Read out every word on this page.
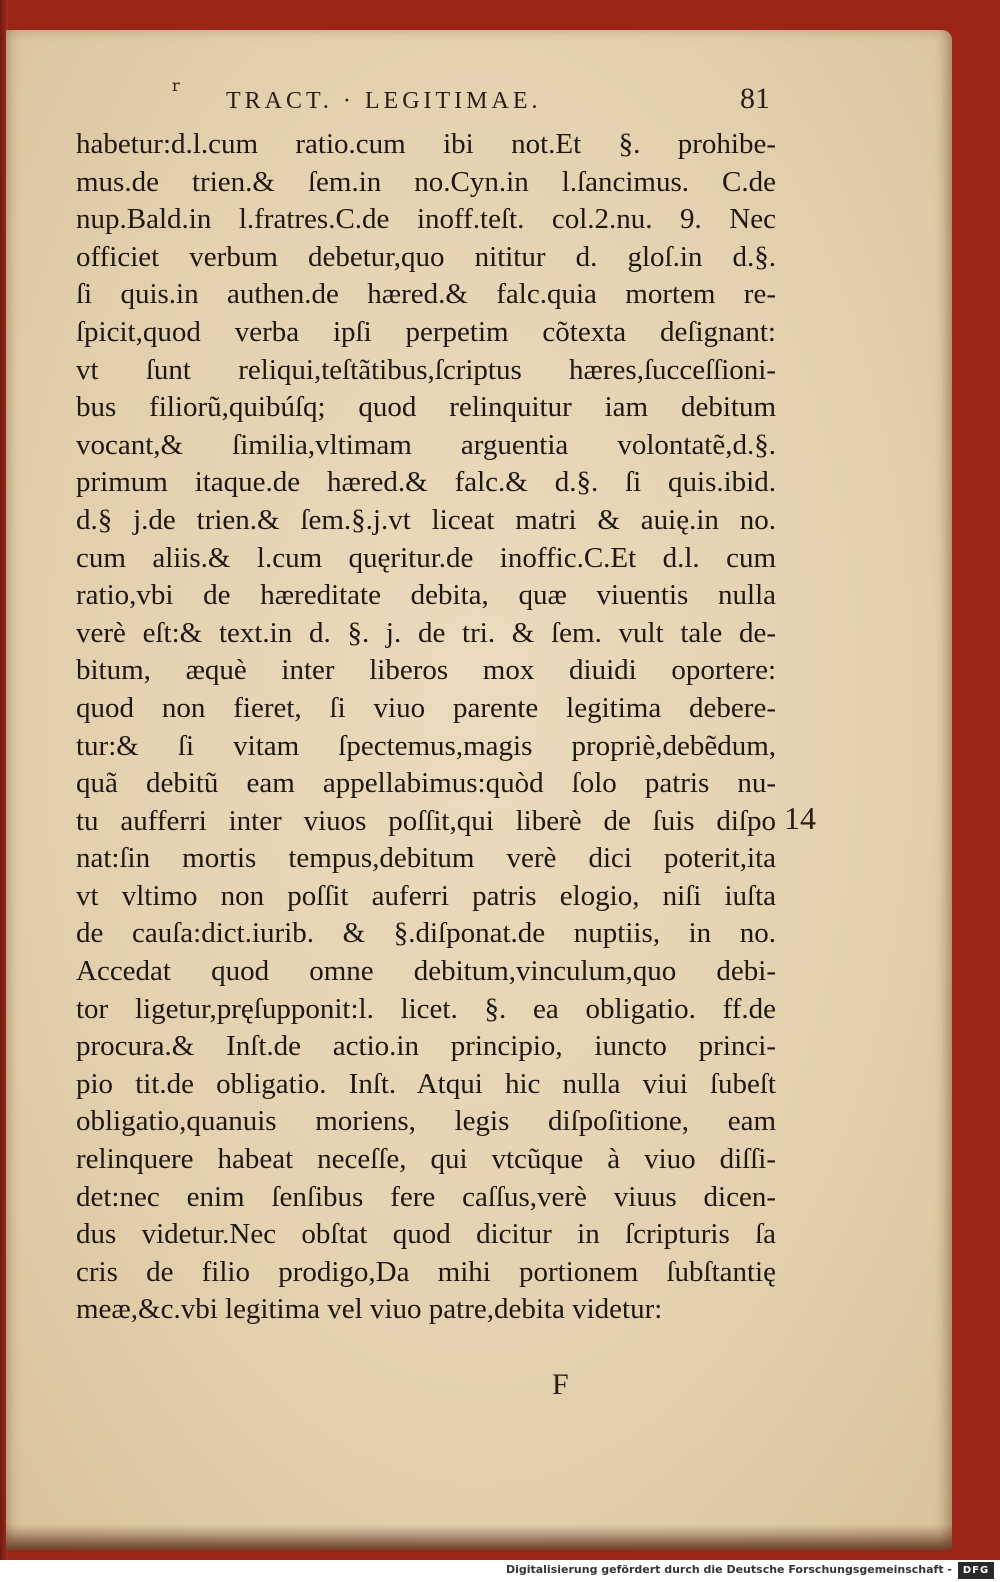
r
TRACT. · LEGITIMAE.	81
habetur:d.l.cum ratio.cum ibi not.Et §. prohibe-
mus.de trien.& ſem.in no.Cyn.in l.ſancimus. C.de
nup.Bald.in l.fratres.C.de inoff.teſt. col.2.nu. 9. Nec
officiet verbum debetur,quo nititur d. gloſ.in d.§.
ſi quis.in authen.de hæred.& falc.quia mortem re-
ſpicit,quod verba ipſi perpetim cõtexta deſignant:
vt ſunt reliqui,teſtãtibus,ſcriptus hæres,ſucceſſioni-
bus filiorũ,quibúſq; quod relinquitur iam debitum
vocant,& ſimilia,vltimam arguentia volontatẽ,d.§.
primum itaque.de hæred.& falc.& d.§. ſi quis.ibid.
d.§ j.de trien.& ſem.§.j.vt liceat matri & auię.in no.
cum aliis.& l.cum quęritur.de inoffic.C.Et d.l. cum
ratio,vbi de hæreditate debita, quæ viuentis nulla
verè eſt:& text.in d. §. j. de tri. & ſem. vult tale de-
bitum, æquè inter liberos mox diuidi oportere:
quod non fieret, ſi viuo parente legitima debere-
tur:& ſi vitam ſpectemus,magis propriè,debẽdum,
quã debitũ eam appellabimus:quòd ſolo patris nu-
tu aufferri inter viuos poſſit,qui liberè de ſuis diſpo
nat:ſin mortis tempus,debitum verè dici poterit,ita
vt vltimo non poſſit auferri patris elogio, niſi iuſta
de cauſa:dict.iurib. & §.diſponat.de nuptiis, in no.
Accedat quod omne debitum,vinculum,quo debi-
tor ligetur,pręſupponit:l. licet. §. ea obligatio. ff.de
procura.& Inſt.de actio.in principio, iuncto princi-
pio tit.de obligatio. Inſt. Atqui hic nulla viui ſubeſt
obligatio,quanuis moriens, legis diſpoſitione, eam
relinquere habeat neceſſe, qui vtcũque à viuo diſſi-
det:nec enim ſenſibus fere caſſus,verè viuus dicen-
dus videtur.Nec obſtat quod dicitur in ſcripturis ſa
cris de filio prodigo,Da mihi portionem ſubſtantię
meæ,&c.vbi legitima vel viuo patre,debita videtur:
14
F
Digitalisierung gefördert durch die Deutsche Forschungsgemeinschaft -	DFG
